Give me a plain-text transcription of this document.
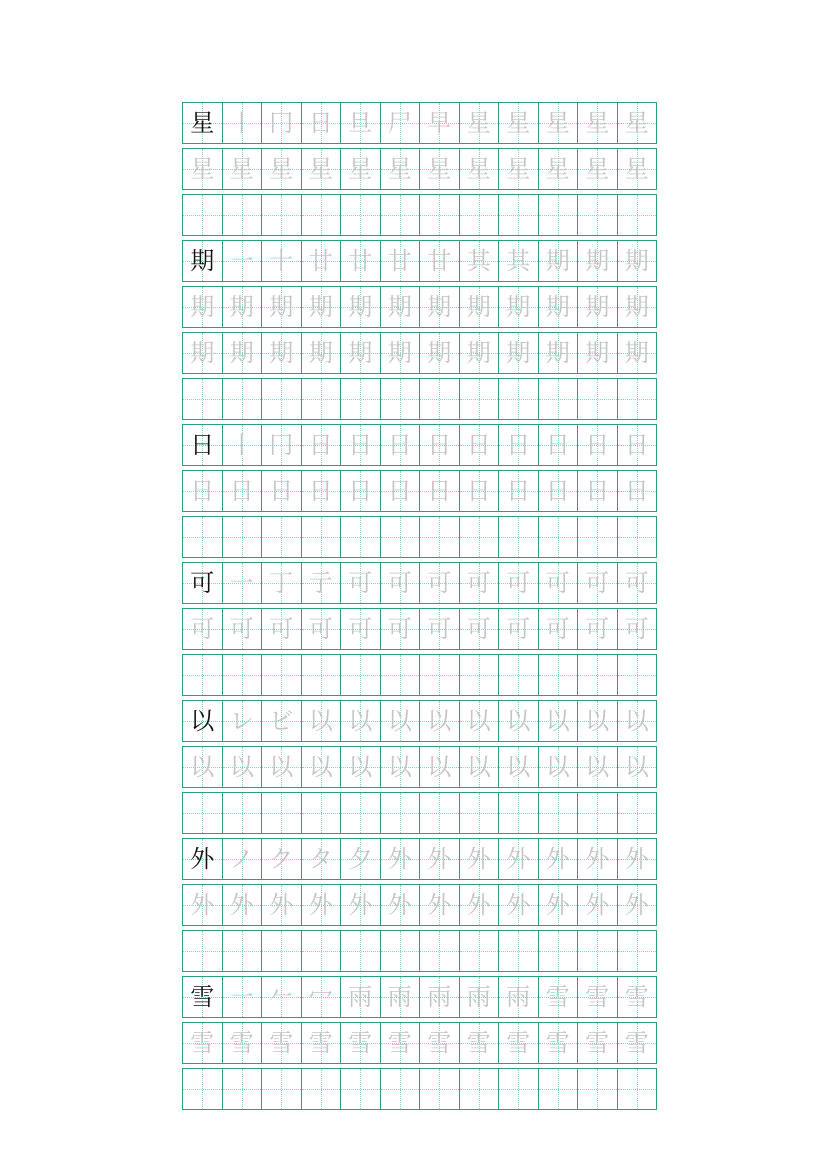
星 丨 冂 日 旦 尸 早 星 星 星 星 星
星 星 星 星 星 星 星 星 星 星 星 星
期 一 十 廿 廿 甘 甘 其 其 期 期 期
期 期 期 期 期 期 期 期 期 期 期 期
期 期 期 期 期 期 期 期 期 期 期 期
日 丨 冂 日 日 日 日 日 日 日 日 日
日 日 日 日 日 日 日 日 日 日 日 日
可 一 丁 亍 可 可 可 可 可 可 可 可
可 可 可 可 可 可 可 可 可 可 可 可
以 レ ビ 以 以 以 以 以 以 以 以 以
以 以 以 以 以 以 以 以 以 以 以 以
外 ノ ク タ 夕 外 外 外 外 外 外 外
外 外 外 外 外 外 外 外 外 外 外 外
雪 一 𠂉 冖 雨 雨 雨 雨 雨 雪 雪 雪
雪 雪 雪 雪 雪 雪 雪 雪 雪 雪 雪 雪
